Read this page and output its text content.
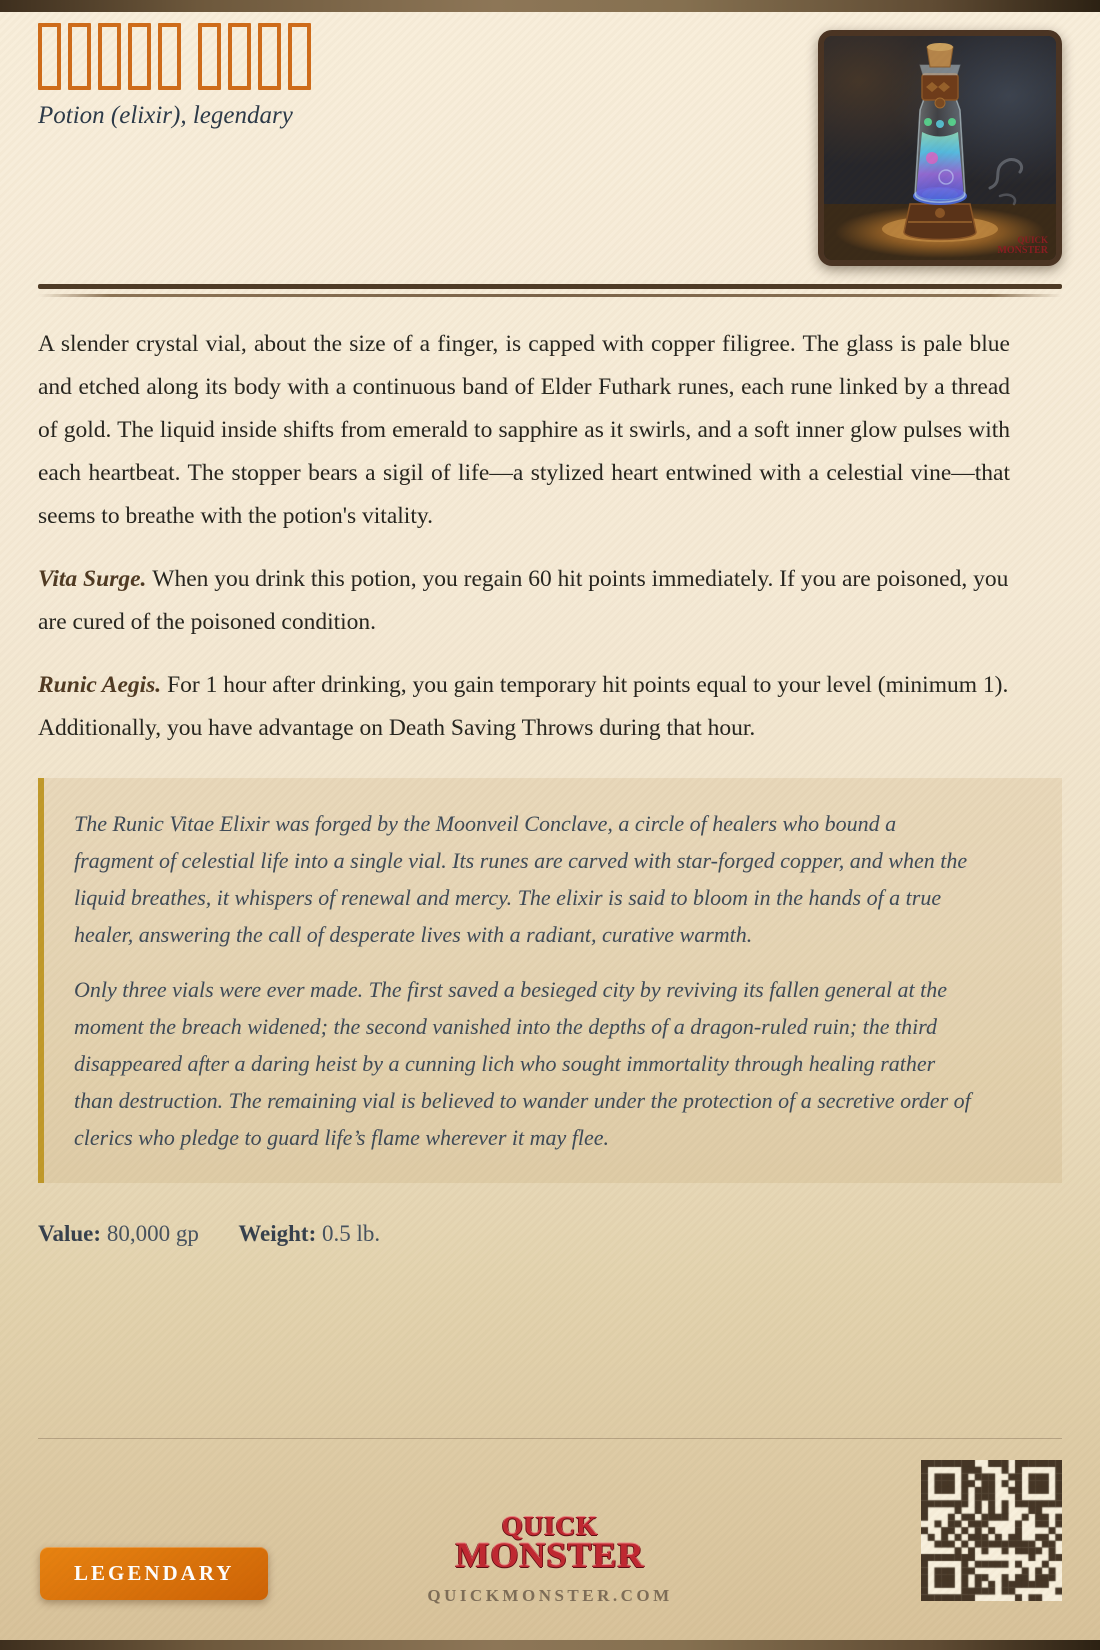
Potion (elixir), legendary
QUICK
MONSTER

A slender crystal vial, about the size of a finger, is capped with copper filigree. The glass is pale blue and etched along its body with a continuous band of Elder Futhark runes, each rune linked by a thread of gold. The liquid inside shifts from emerald to sapphire as it swirls, and a soft inner glow pulses with each heartbeat. The stopper bears a sigil of life—a stylized heart entwined with a celestial vine—that seems to breathe with the potion's vitality.

Vita Surge. When you drink this potion, you regain 60 hit points immediately. If you are poisoned, you are cured of the poisoned condition.

Runic Aegis. For 1 hour after drinking, you gain temporary hit points equal to your level (minimum 1). Additionally, you have advantage on Death Saving Throws during that hour.

The Runic Vitae Elixir was forged by the Moonveil Conclave, a circle of healers who bound a fragment of celestial life into a single vial. Its runes are carved with star-forged copper, and when the liquid breathes, it whispers of renewal and mercy. The elixir is said to bloom in the hands of a true healer, answering the call of desperate lives with a radiant, curative warmth.

Only three vials were ever made. The first saved a besieged city by reviving its fallen general at the moment the breach widened; the second vanished into the depths of a dragon-ruled ruin; the third disappeared after a daring heist by a cunning lich who sought immortality through healing rather than destruction. The remaining vial is believed to wander under the protection of a secretive order of clerics who pledge to guard life’s flame wherever it may flee.

Value: 80,000 gp Weight: 0.5 lb.
LEGENDARY
QUICK
MONSTER
QUICKMONSTER.COM
